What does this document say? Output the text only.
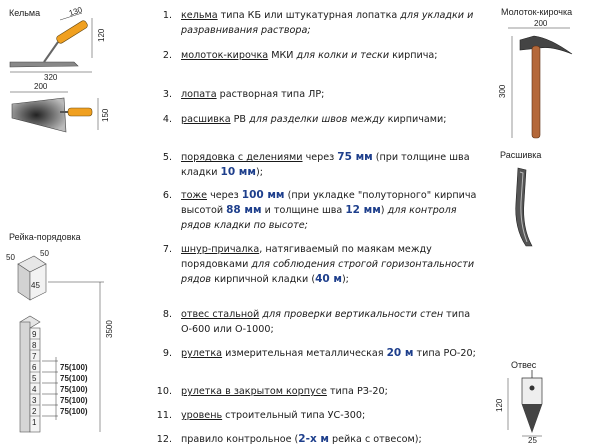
Кельма	130
120
320
200
150
Рейка-порядовка
50	50
45
3500
9
8
7
6
5
4
3
2
1
75(100)
75(100)
75(100)
75(100)
75(100)
1. кельма типа КБ или штукатурная лопатка для укладки и разравнивания раствора;
2. молоток-кирочка МКИ для колки и тески кирпича;
3. лопата растворная типа ЛР;
4. расшивка РВ для разделки швов между кирпичами;
5. порядовка с делениями через 75 мм (при толщине шва кладки 10 мм);
6. тоже через 100 мм (при укладке "полуторного" кирпича высотой 88 мм и толщине шва 12 мм) для контроля рядов кладки по высоте;
7. шнур-причалка, натягиваемый по маякам между порядовками для соблюдения строгой горизонтальности рядов кирпичной кладки (40 м);
8. отвес стальной для проверки вертикальности стен типа О-600 или О-1000;
9. рулетка измерительная металлическая 20 м типа РО-20;
10. рулетка в закрытом корпусе типа РЗ-20;
11. уровень строительный типа УС-300;
12. правило контрольное (2-х м рейка с отвесом);
Молоток-кирочка
200
300
Расшивка
Отвес
120
25
